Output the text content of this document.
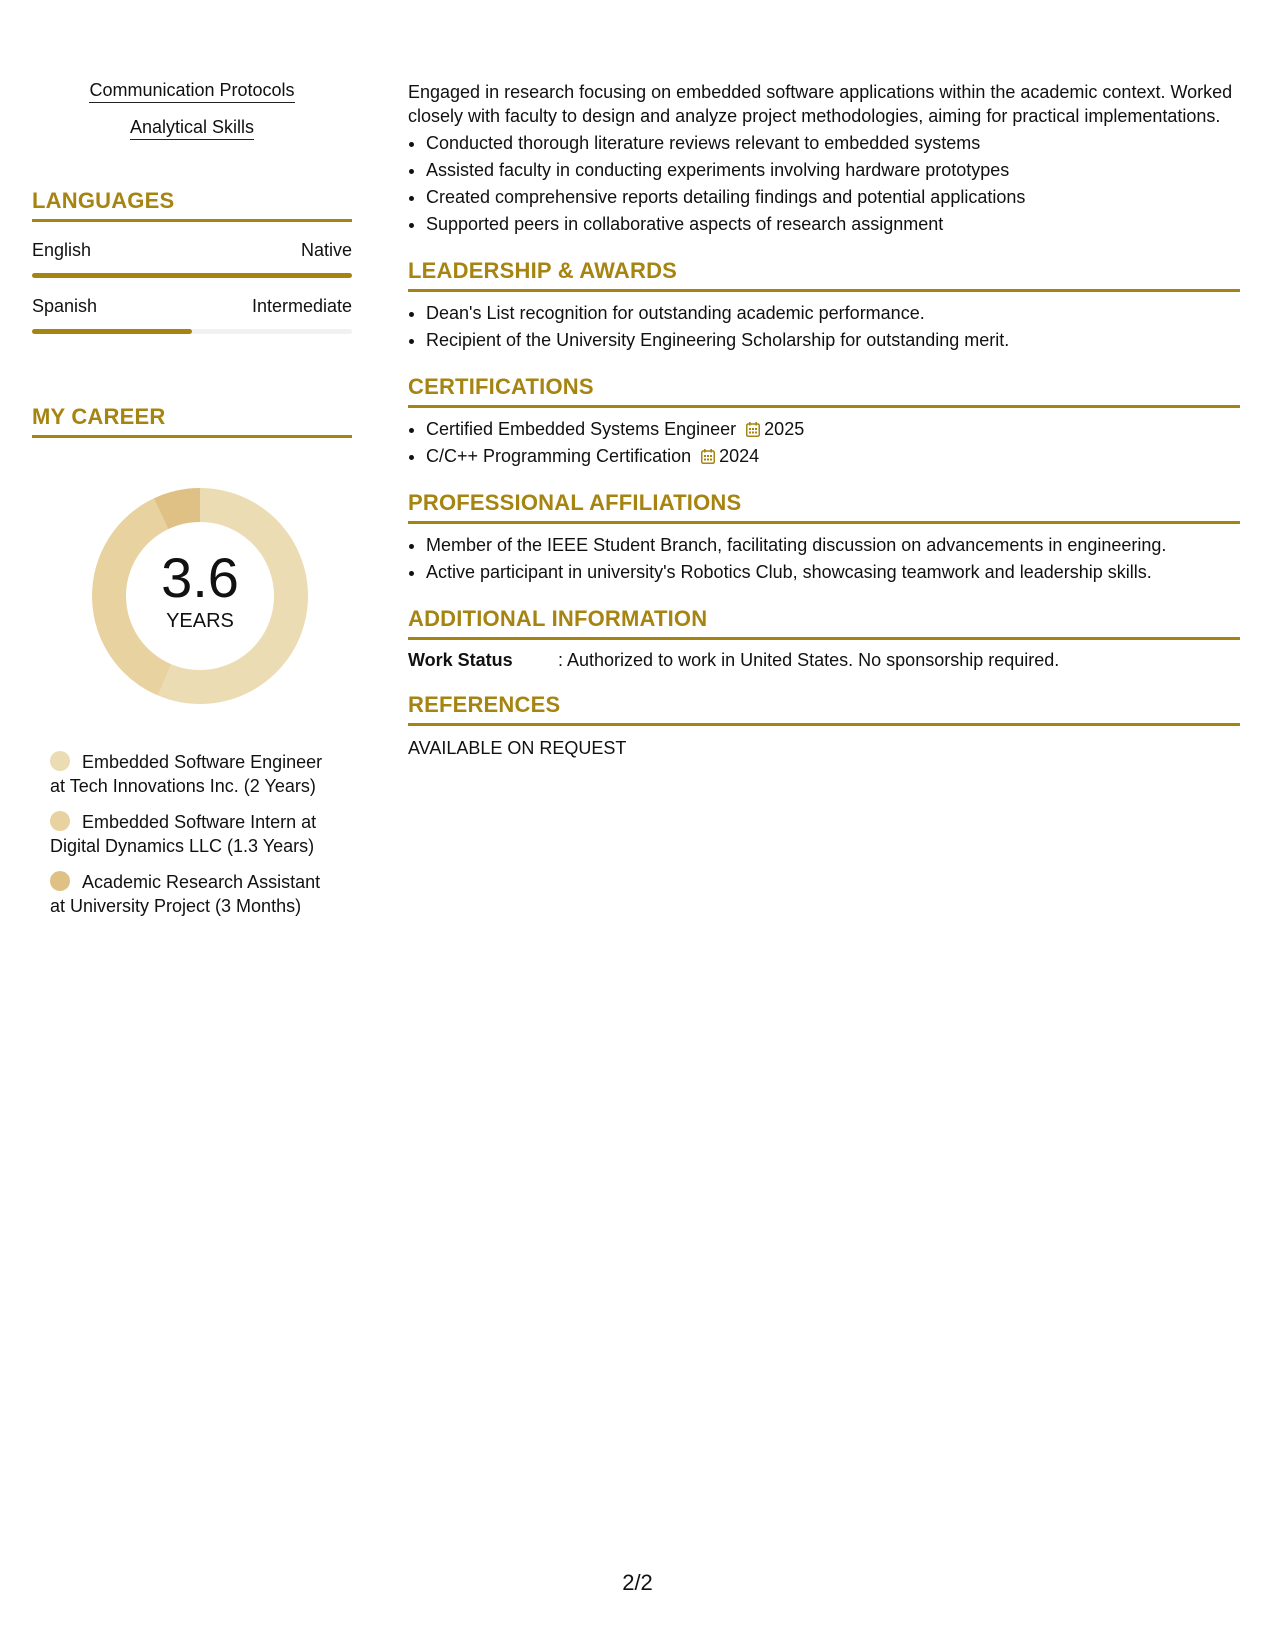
Communication Protocols
Analytical Skills
LANGUAGES
English	Native
Spanish	Intermediate
MY CAREER
3.6
YEARS
Embedded Software Engineer at Tech Innovations Inc. (2 Years)
Embedded Software Intern at Digital Dynamics LLC (1.3 Years)
Academic Research Assistant at University Project (3 Months)

Engaged in research focusing on embedded software applications within the academic context. Worked closely with faculty to design and analyze project methodologies, aiming for practical implementations.

• Conducted thorough literature reviews relevant to embedded systems
• Assisted faculty in conducting experiments involving hardware prototypes
• Created comprehensive reports detailing findings and potential applications
• Supported peers in collaborative aspects of research assignment
LEADERSHIP & AWARDS
• Dean's List recognition for outstanding academic performance.
• Recipient of the University Engineering Scholarship for outstanding merit.
CERTIFICATIONS
• Certified Embedded Systems Engineer 2025
• C/C++ Programming Certification 2024
PROFESSIONAL AFFILIATIONS
• Member of the IEEE Student Branch, facilitating discussion on advancements in engineering.
• Active participant in university's Robotics Club, showcasing teamwork and leadership skills.
ADDITIONAL INFORMATION
Work Status	: Authorized to work in United States. No sponsorship required.
REFERENCES
AVAILABLE ON REQUEST
2/2
